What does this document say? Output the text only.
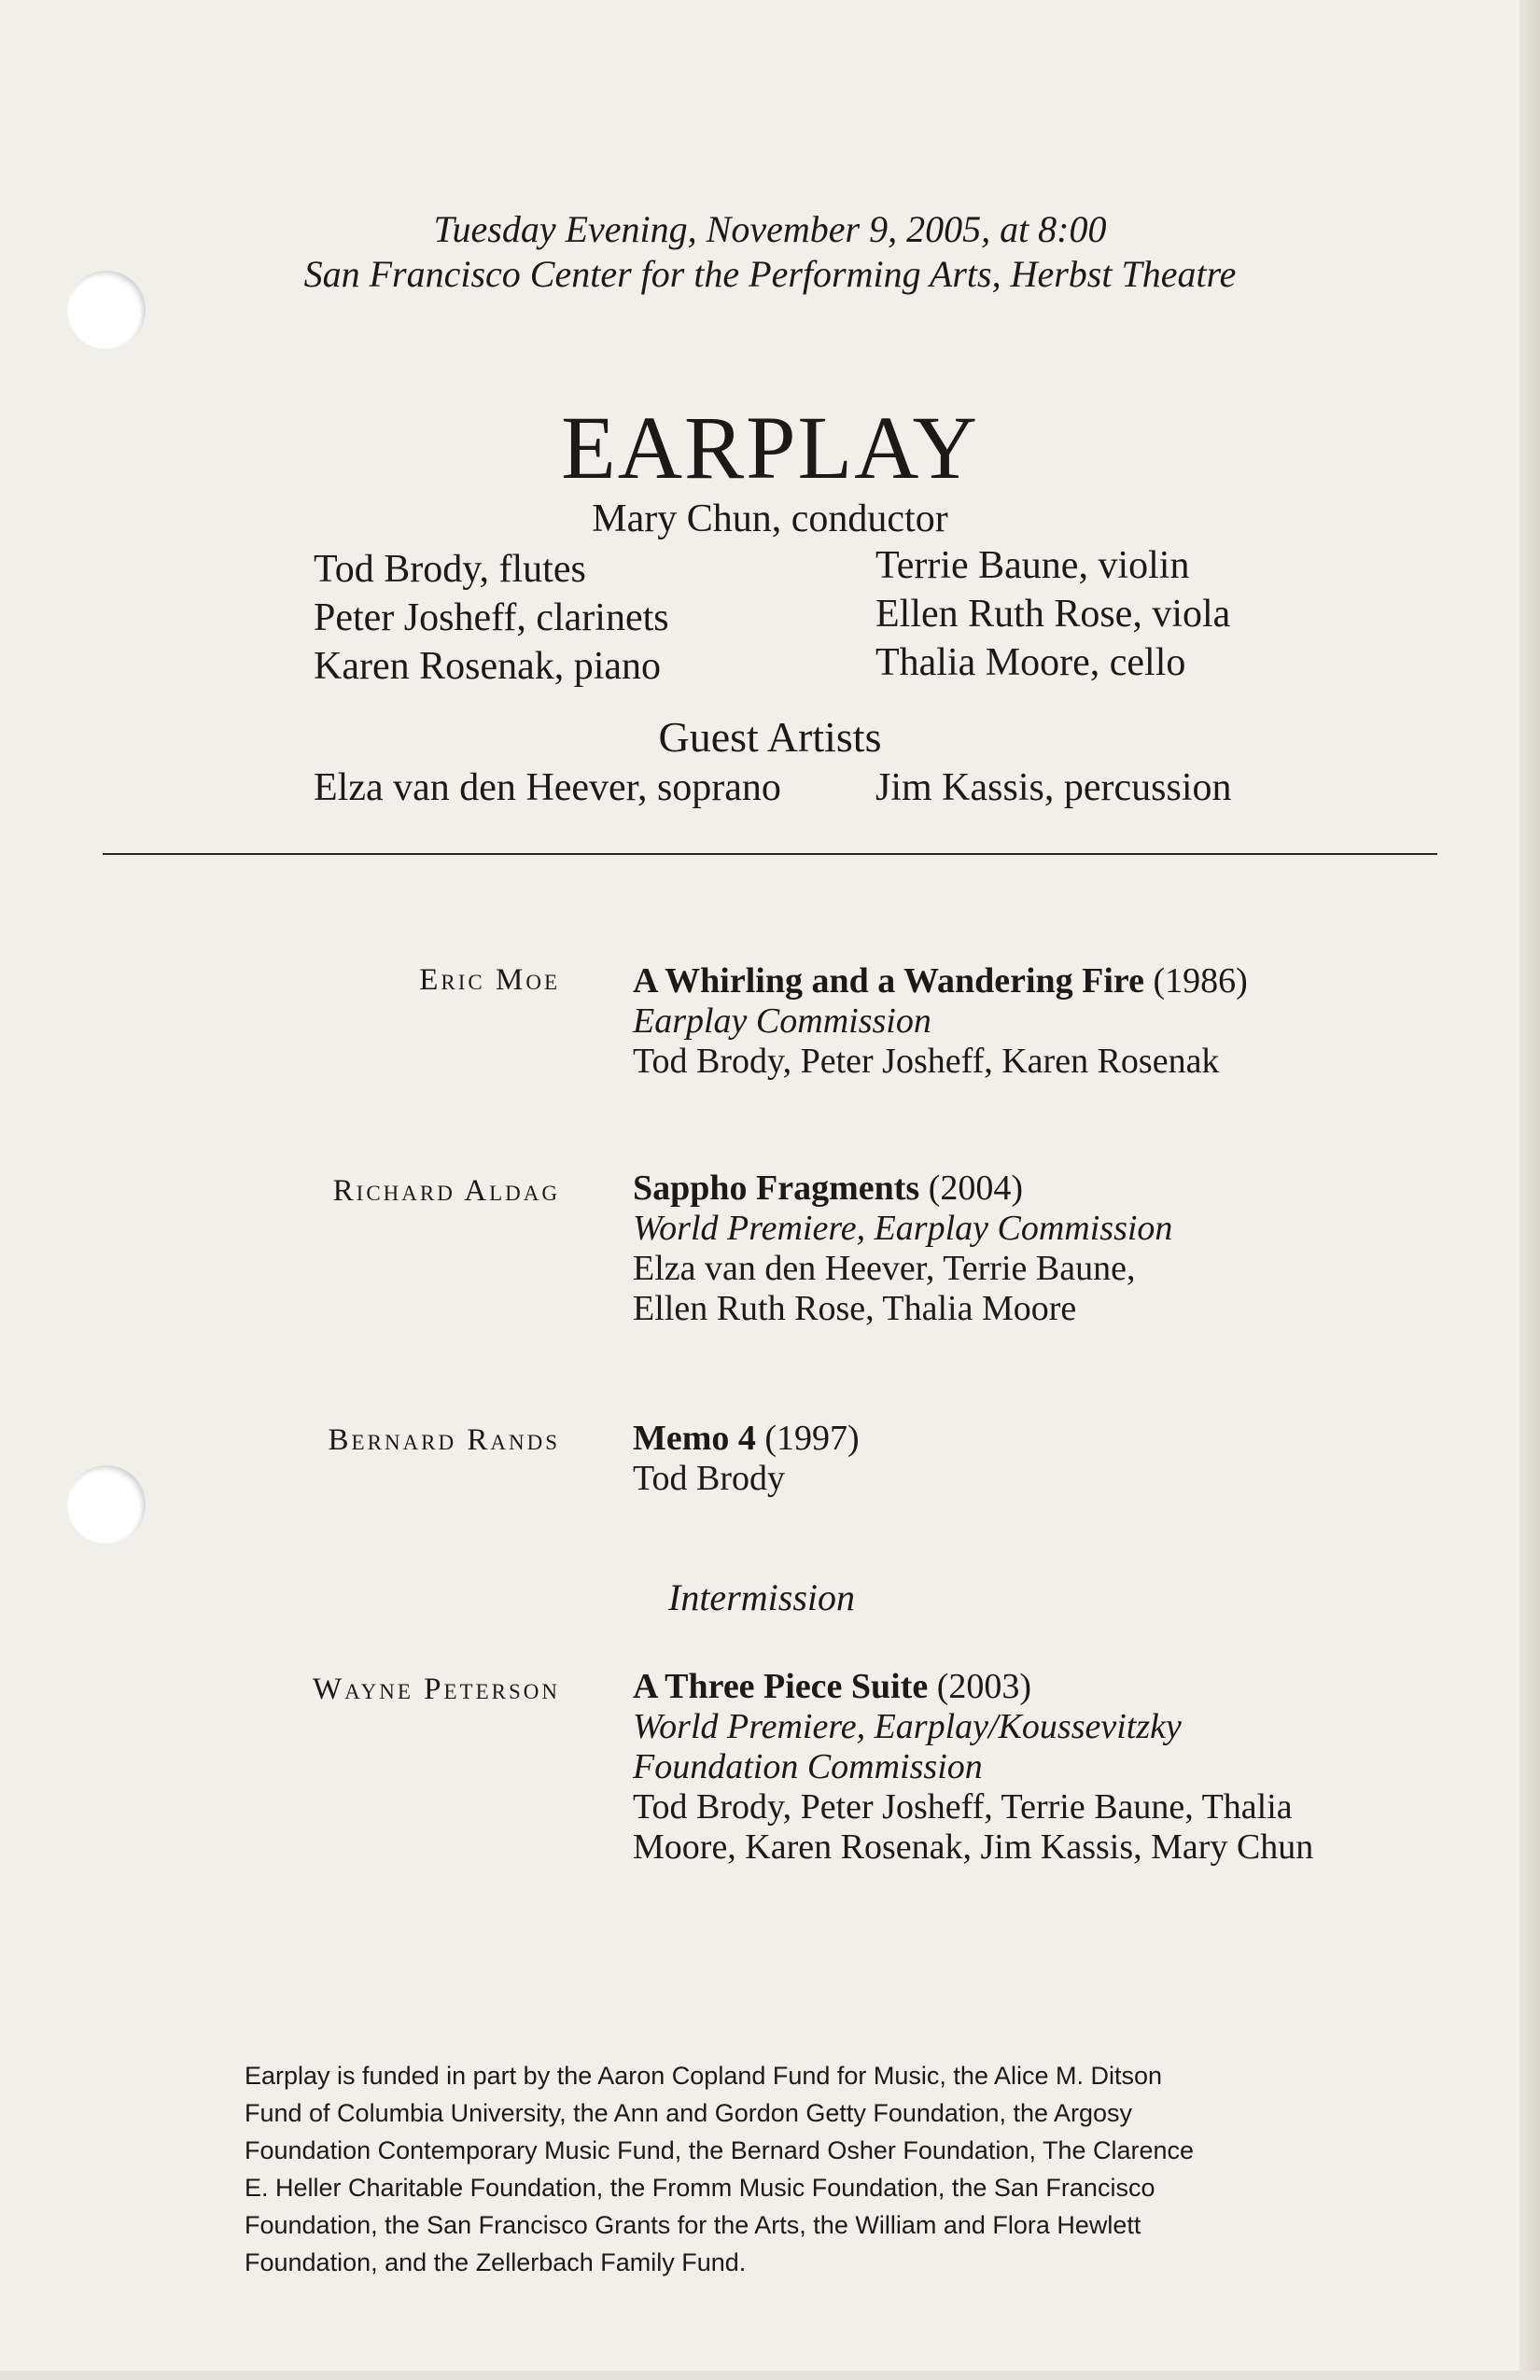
Tuesday Evening, November 9, 2005, at 8:00
San Francisco Center for the Performing Arts, Herbst Theatre
EARPLAY
Mary Chun, conductor
Tod Brody, flutes
Peter Josheff, clarinets
Karen Rosenak, piano
Terrie Baune, violin
Ellen Ruth Rose, viola
Thalia Moore, cello
Guest Artists
Elza van den Heever, soprano Jim Kassis, percussion
Eric Moe A Whirling and a Wandering Fire (1986)
Earplay Commission
Tod Brody, Peter Josheff, Karen Rosenak
Richard Aldag Sappho Fragments (2004)
World Premiere, Earplay Commission
Elza van den Heever, Terrie Baune,
Ellen Ruth Rose, Thalia Moore
Bernard Rands Memo 4 (1997)
Tod Brody
Intermission
Wayne Peterson A Three Piece Suite (2003)
World Premiere, Earplay/Koussevitzky
Foundation Commission
Tod Brody, Peter Josheff, Terrie Baune, Thalia
Moore, Karen Rosenak, Jim Kassis, Mary Chun
Earplay is funded in part by the Aaron Copland Fund for Music, the Alice M. Ditson
Fund of Columbia University, the Ann and Gordon Getty Foundation, the Argosy
Foundation Contemporary Music Fund, the Bernard Osher Foundation, The Clarence
E. Heller Charitable Foundation, the Fromm Music Foundation, the San Francisco
Foundation, the San Francisco Grants for the Arts, the William and Flora Hewlett
Foundation, and the Zellerbach Family Fund.
